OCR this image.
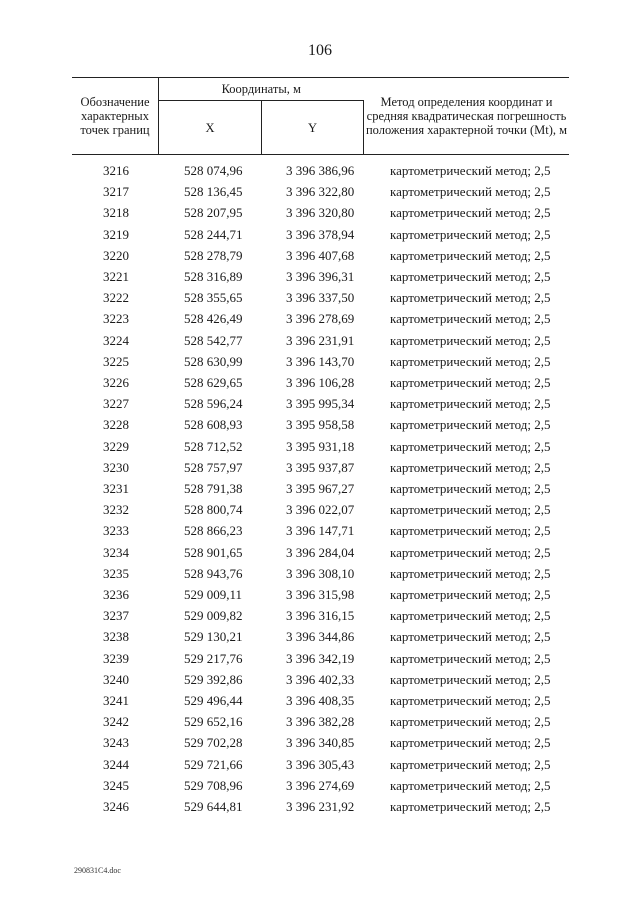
106
Обозначение характерных точек границ	Координаты, м		Метод определения координат и средняя квадратическая погрешность положения характерной точки (Mt), м
	X	Y	
3216	528 074,96	3 396 386,96	картометрический метод; 2,5
3217	528 136,45	3 396 322,80	картометрический метод; 2,5
3218	528 207,95	3 396 320,80	картометрический метод; 2,5
3219	528 244,71	3 396 378,94	картометрический метод; 2,5
3220	528 278,79	3 396 407,68	картометрический метод; 2,5
3221	528 316,89	3 396 396,31	картометрический метод; 2,5
3222	528 355,65	3 396 337,50	картометрический метод; 2,5
3223	528 426,49	3 396 278,69	картометрический метод; 2,5
3224	528 542,77	3 396 231,91	картометрический метод; 2,5
3225	528 630,99	3 396 143,70	картометрический метод; 2,5
3226	528 629,65	3 396 106,28	картометрический метод; 2,5
3227	528 596,24	3 395 995,34	картометрический метод; 2,5
3228	528 608,93	3 395 958,58	картометрический метод; 2,5
3229	528 712,52	3 395 931,18	картометрический метод; 2,5
3230	528 757,97	3 395 937,87	картометрический метод; 2,5
3231	528 791,38	3 395 967,27	картометрический метод; 2,5
3232	528 800,74	3 396 022,07	картометрический метод; 2,5
3233	528 866,23	3 396 147,71	картометрический метод; 2,5
3234	528 901,65	3 396 284,04	картометрический метод; 2,5
3235	528 943,76	3 396 308,10	картометрический метод; 2,5
3236	529 009,11	3 396 315,98	картометрический метод; 2,5
3237	529 009,82	3 396 316,15	картометрический метод; 2,5
3238	529 130,21	3 396 344,86	картометрический метод; 2,5
3239	529 217,76	3 396 342,19	картометрический метод; 2,5
3240	529 392,86	3 396 402,33	картометрический метод; 2,5
3241	529 496,44	3 396 408,35	картометрический метод; 2,5
3242	529 652,16	3 396 382,28	картометрический метод; 2,5
3243	529 702,28	3 396 340,85	картометрический метод; 2,5
3244	529 721,66	3 396 305,43	картометрический метод; 2,5
3245	529 708,96	3 396 274,69	картометрический метод; 2,5
3246	529 644,81	3 396 231,92	картометрический метод; 2,5
290831C4.doc
